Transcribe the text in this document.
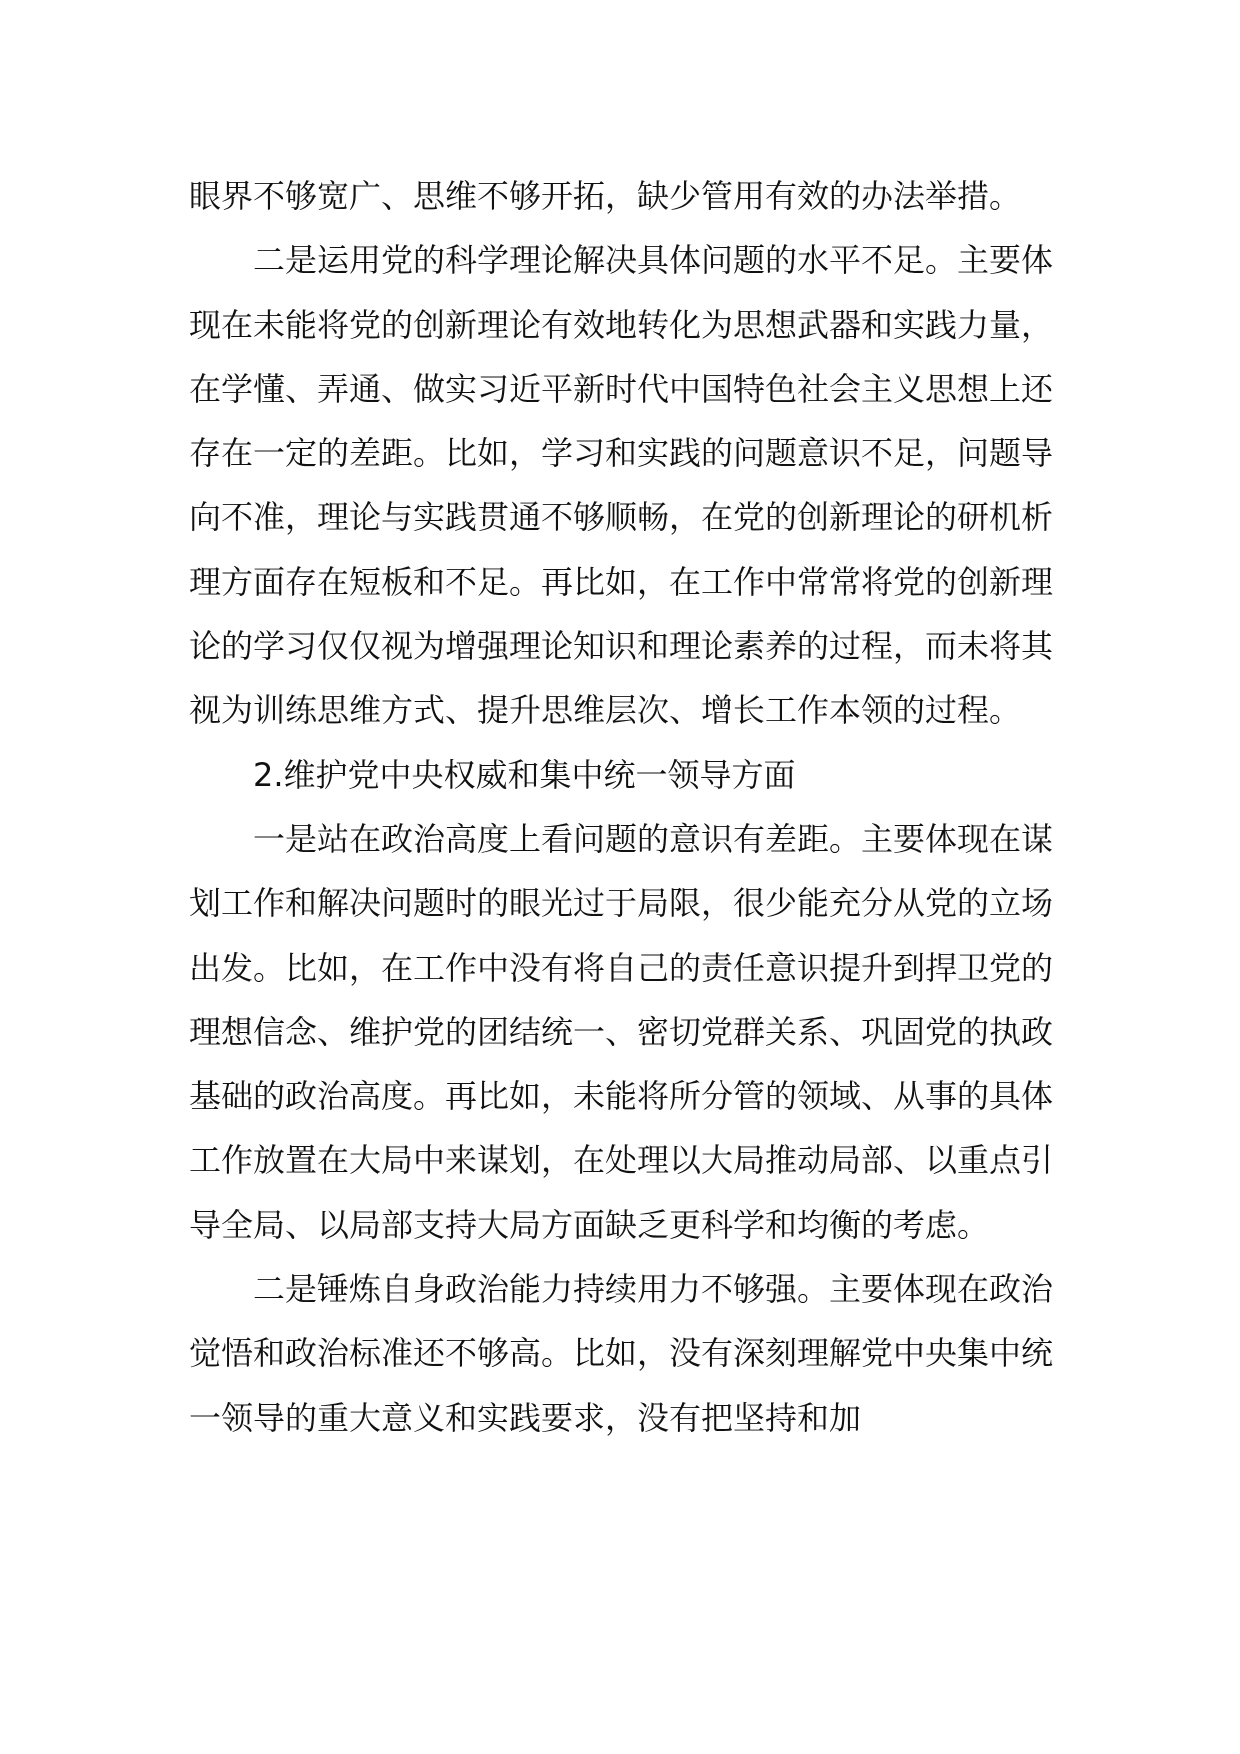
眼界不够宽广、思维不够开拓，缺少管用有效的办法举措。

二是运用党的科学理论解决具体问题的水平不足。主要体现在未能将党的创新理论有效地转化为思想武器和实践力量，在学懂、弄通、做实习近平新时代中国特色社会主义思想上还存在一定的差距。比如，学习和实践的问题意识不足，问题导向不准，理论与实践贯通不够顺畅，在党的创新理论的研机析理方面存在短板和不足。再比如，在工作中常常将党的创新理论的学习仅仅视为增强理论知识和理论素养的过程，而未将其视为训练思维方式、提升思维层次、增长工作本领的过程。

2.维护党中央权威和集中统一领导方面

一是站在政治高度上看问题的意识有差距。主要体现在谋划工作和解决问题时的眼光过于局限，很少能充分从党的立场出发。比如，在工作中没有将自己的责任意识提升到捍卫党的理想信念、维护党的团结统一、密切党群关系、巩固党的执政基础的政治高度。再比如，未能将所分管的领域、从事的具体工作放置在大局中来谋划，在处理以大局推动局部、以重点引导全局、以局部支持大局方面缺乏更科学和均衡的考虑。

二是锤炼自身政治能力持续用力不够强。主要体现在政治觉悟和政治标准还不够高。比如，没有深刻理解党中央集中统一领导的重大意义和实践要求，没有把坚持和加
